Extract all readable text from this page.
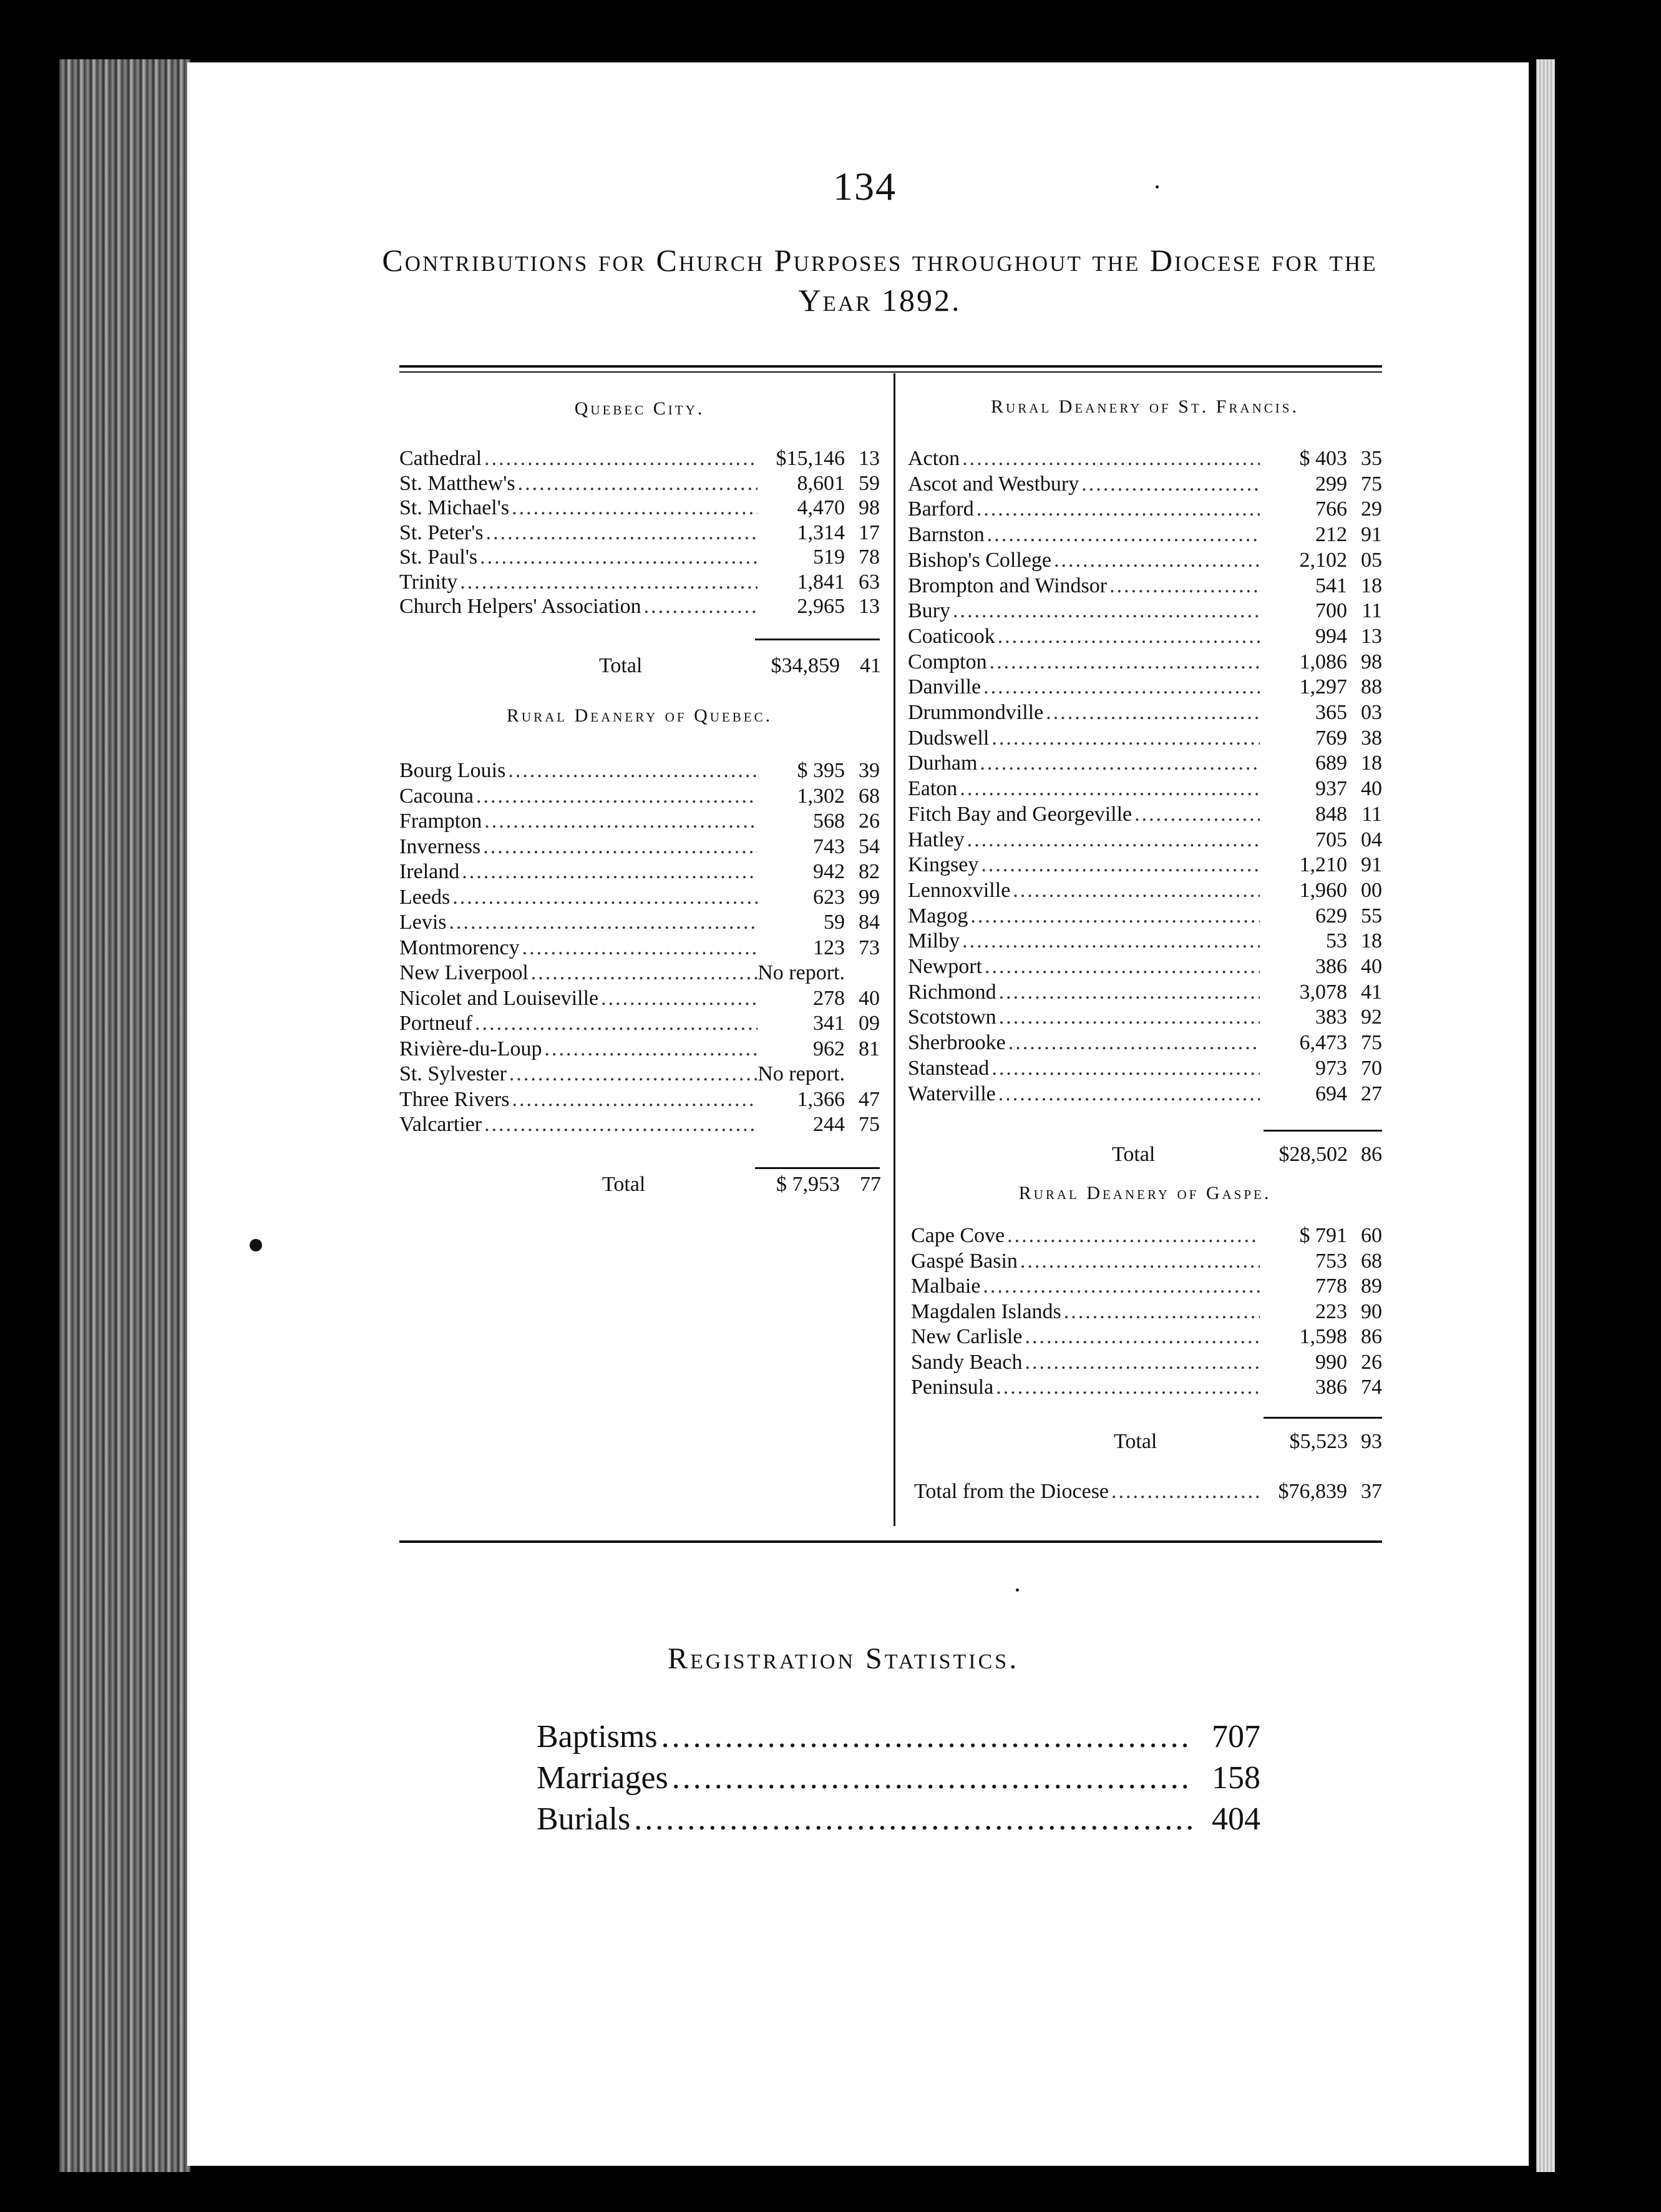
134
Contributions for Church Purposes throughout the Diocese for the Year 1892.
Quebec City.
Cathedral .....	$15,146 13
St. Matthew's .....	8,601 59
St. Michael's .....	4,470 98
St. Peter's .....	1,314 17
St. Paul's .....	519 78
Trinity .....	1,841 63
Church Helpers' Association .....	2,965 13
Total	$34,859 41
Rural Deanery of Quebec.
Bourg Louis .....	$ 395 39
Cacouna .....	1,302 68
Frampton .....	568 26
Inverness .....	743 54
Ireland .....	942 82
Leeds .....	623 99
Levis .....	59 84
Montmorency .....	123 73
New Liverpool .....	No report.
Nicolet and Louiseville .....	278 40
Portneuf .....	341 09
Rivière-du-Loup .....	962 81
St. Sylvester .....	No report.
Three Rivers .....	1,366 47
Valcartier .....	244 75
Total	$ 7,953 77
Rural Deanery of St. Francis.
Acton .....	$ 403 35
Ascot and Westbury .....	299 75
Barford .....	766 29
Barnston .....	212 91
Bishop's College .....	2,102 05
Brompton and Windsor .....	541 18
Bury .....	700 11
Coaticook .....	994 13
Compton .....	1,086 98
Danville .....	1,297 88
Drummondville .....	365 03
Dudswell .....	769 38
Durham .....	689 18
Eaton .....	937 40
Fitch Bay and Georgeville .....	848 11
Hatley .....	705 04
Kingsey .....	1,210 91
Lennoxville .....	1,960 00
Magog .....	629 55
Milby .....	53 18
Newport .....	386 40
Richmond .....	3,078 41
Scotstown .....	383 92
Sherbrooke .....	6,473 75
Stanstead .....	973 70
Waterville .....	694 27
Total	$28,502 86
Rural Deanery of Gaspe.
Cape Cove .....	$ 791 60
Gaspé Basin .....	753 68
Malbaie .....	778 89
Magdalen Islands .....	223 90
New Carlisle .....	1,598 86
Sandy Beach .....	990 26
Peninsula .....	386 74
Total	$5,523 93
Total from the Diocese .....	$76,839 37
Registration Statistics.
Baptisms .....	707
Marriages .....	158
Burials .....	404
